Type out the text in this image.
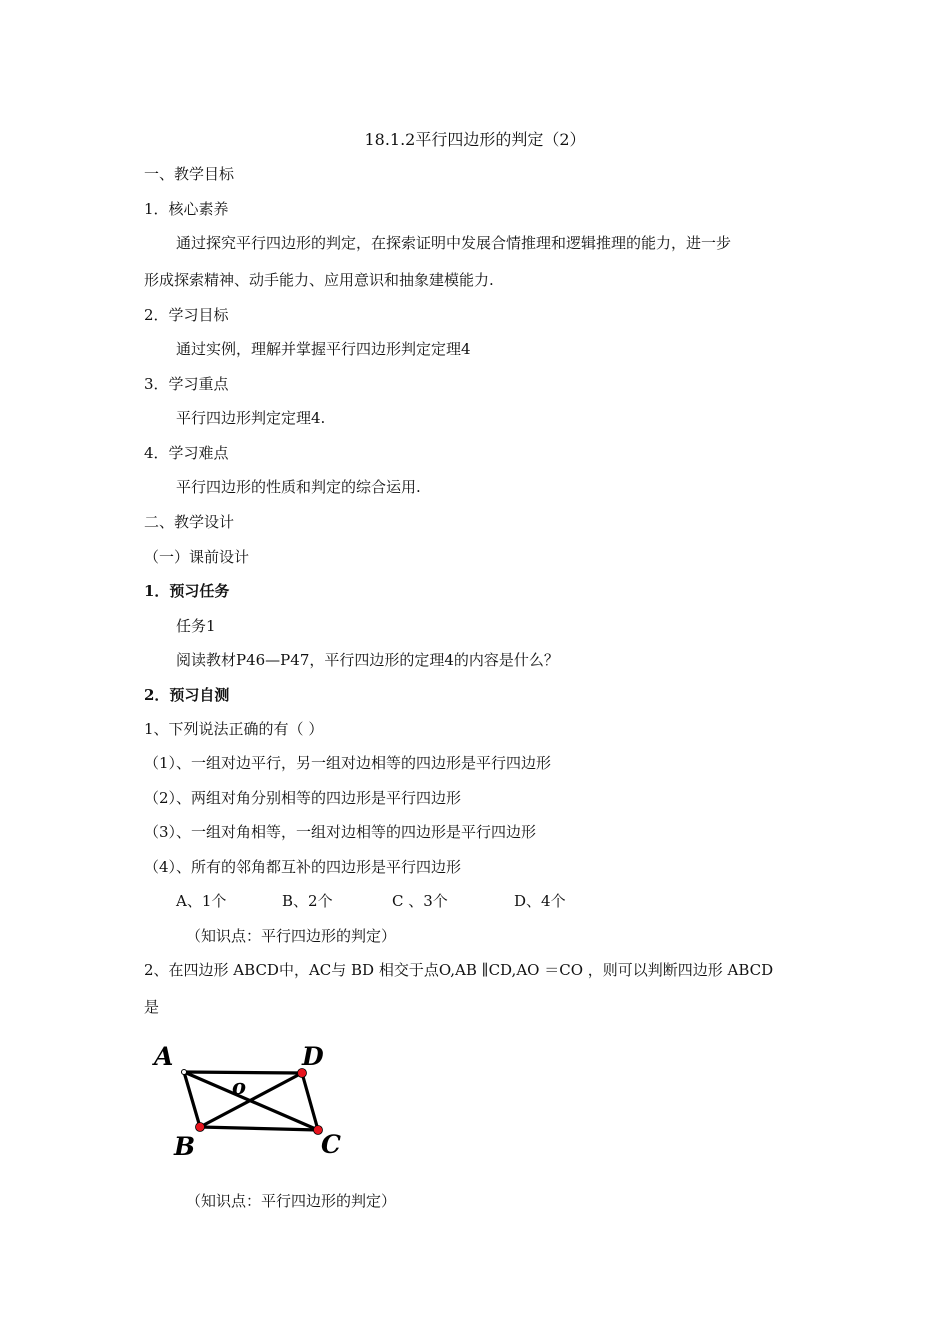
18.1.2平行四边形的判定（2）
一、教学目标
1．核心素养
通过探究平行四边形的判定，在探索证明中发展合情推理和逻辑推理的能力，进一步
形成探索精神、动手能力、应用意识和抽象建模能力.
2．学习目标
通过实例，理解并掌握平行四边形判定定理4
3．学习重点
平行四边形判定定理4.
4．学习难点
平行四边形的性质和判定的综合运用.
二、教学设计
（一）课前设计
1．预习任务
任务1
阅读教材P46—P47，平行四边形的定理4的内容是什么？
2．预习自测
1、下列说法正确的有（ ）
（1）、一组对边平行，另一组对边相等的四边形是平行四边形
（2）、两组对角分别相等的四边形是平行四边形
（3）、一组对角相等，一组对边相等的四边形是平行四边形
（4）、所有的邻角都互补的四边形是平行四边形
A、1个	B、2个	C 、3个	D、4个
（知识点：平行四边形的判定）
2、在四边形 ABCD中，AC与 BD 相交于点O,AB ∥CD,AO ＝CO ，则可以判断四边形 ABCD
是
A	D
o
B	C
（知识点：平行四边形的判定）
